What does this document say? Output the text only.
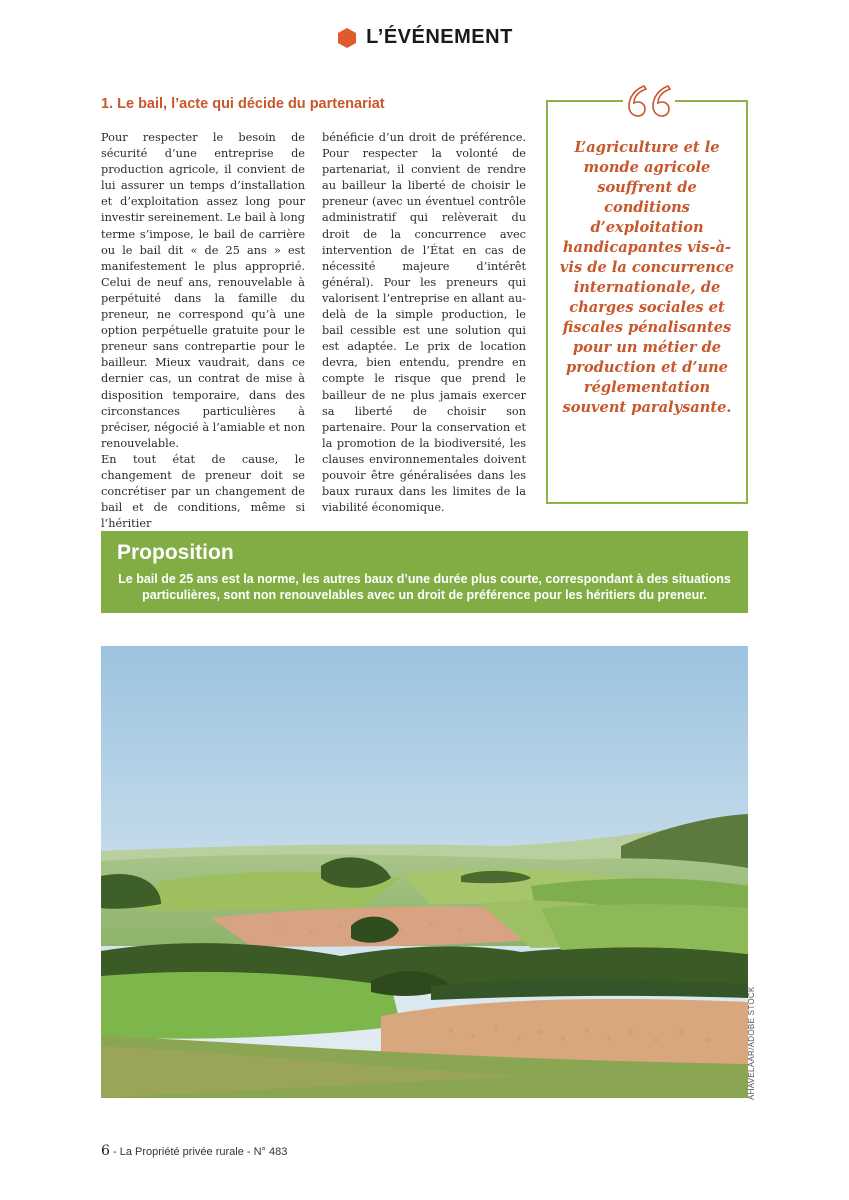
L’ÉVÉNEMENT
1. Le bail, l’acte qui décide du partenariat

Pour respecter le besoin de sécurité d’une entreprise de production agricole, il convient de lui assurer un temps d’installation et d’exploitation assez long pour investir sereinement. Le bail à long terme s’impose, le bail de carrière ou le bail dit « de 25 ans » est manifestement le plus approprié. Celui de neuf ans, renouvelable à perpétuité dans la famille du preneur, ne correspond qu’à une option perpétuelle gratuite pour le preneur sans contrepartie pour le bailleur. Mieux vaudrait, dans ce dernier cas, un contrat de mise à disposition temporaire, dans des circonstances particulières à préciser, négocié à l’amiable et non renouvelable.

En tout état de cause, le changement de preneur doit se concrétiser par un changement de bail et de conditions, même si l’héritier

bénéficie d’un droit de préférence. Pour respecter la volonté de partenariat, il convient de rendre au bailleur la liberté de choisir le preneur (avec un éventuel contrôle administratif qui relèverait du droit de la concurrence avec intervention de l’État en cas de nécessité majeure d’intérêt général). Pour les preneurs qui valorisent l’entreprise en allant au-delà de la simple production, le bail cessible est une solution qui est adaptée. Le prix de location devra, bien entendu, prendre en compte le risque que prend le bailleur de ne plus jamais exercer sa liberté de choisir son partenaire. Pour la conservation et la promotion de la biodiversité, les clauses environnementales doivent pouvoir être généralisées dans les baux ruraux dans les limites de la viabilité économique.

L’agriculture et le monde agricole souffrent de conditions d’exploitation handicapantes vis-à-vis de la concurrence internationale, de charges sociales et fiscales pénalisantes pour un métier de production et d’une réglementation souvent paralysante.
Proposition
Le bail de 25 ans est la norme, les autres baux d’une durée plus courte, correspondant à des situations particulières, sont non renouvelables avec un droit de préférence pour les héritiers du preneur.
AHAVELAAR/ADOBE STOCK
6 - La Propriété privée rurale - N° 483
